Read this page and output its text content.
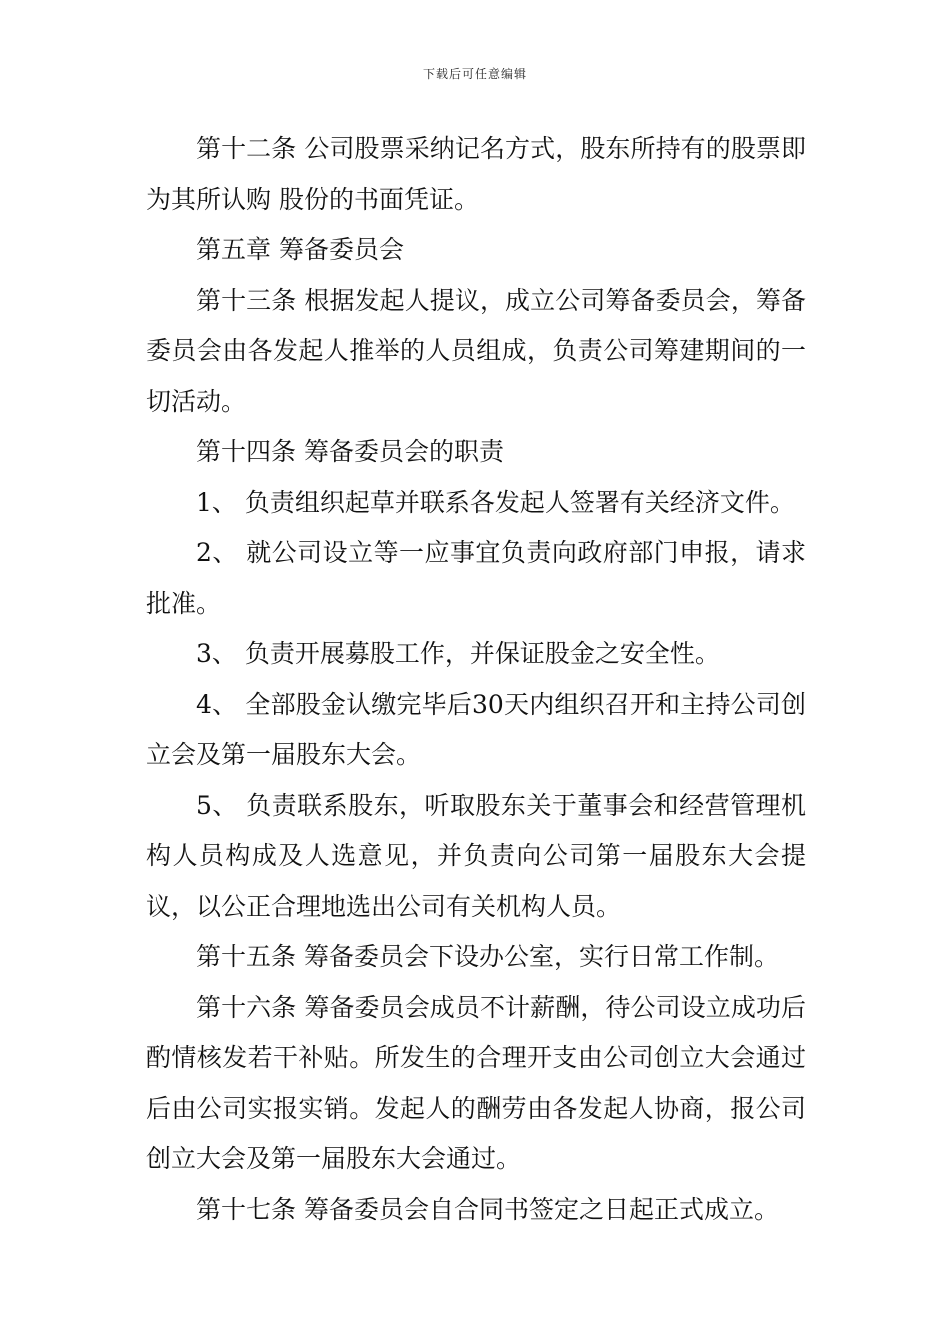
下载后可任意编辑

第十二条 公司股票采纳记名方式，股东所持有的股票即为其所认购 股份的书面凭证。

第五章 筹备委员会

第十三条 根据发起人提议，成立公司筹备委员会，筹备委员会由各发起人推举的人员组成，负责公司筹建期间的一切活动。

第十四条 筹备委员会的职责

1、 负责组织起草并联系各发起人签署有关经济文件。

2、 就公司设立等一应事宜负责向政府部门申报，请求批准。

3、 负责开展募股工作，并保证股金之安全性。

4、 全部股金认缴完毕后30天内组织召开和主持公司创立会及第一届股东大会。

5、 负责联系股东，听取股东关于董事会和经营管理机构人员构成及人选意见，并负责向公司第一届股东大会提议，以公正合理地选出公司有关机构人员。

第十五条 筹备委员会下设办公室，实行日常工作制。

第十六条 筹备委员会成员不计薪酬，待公司设立成功后酌情核发若干补贴。所发生的合理开支由公司创立大会通过后由公司实报实销。发起人的酬劳由各发起人协商，报公司创立大会及第一届股东大会通过。

第十七条 筹备委员会自合同书签定之日起正式成立。
